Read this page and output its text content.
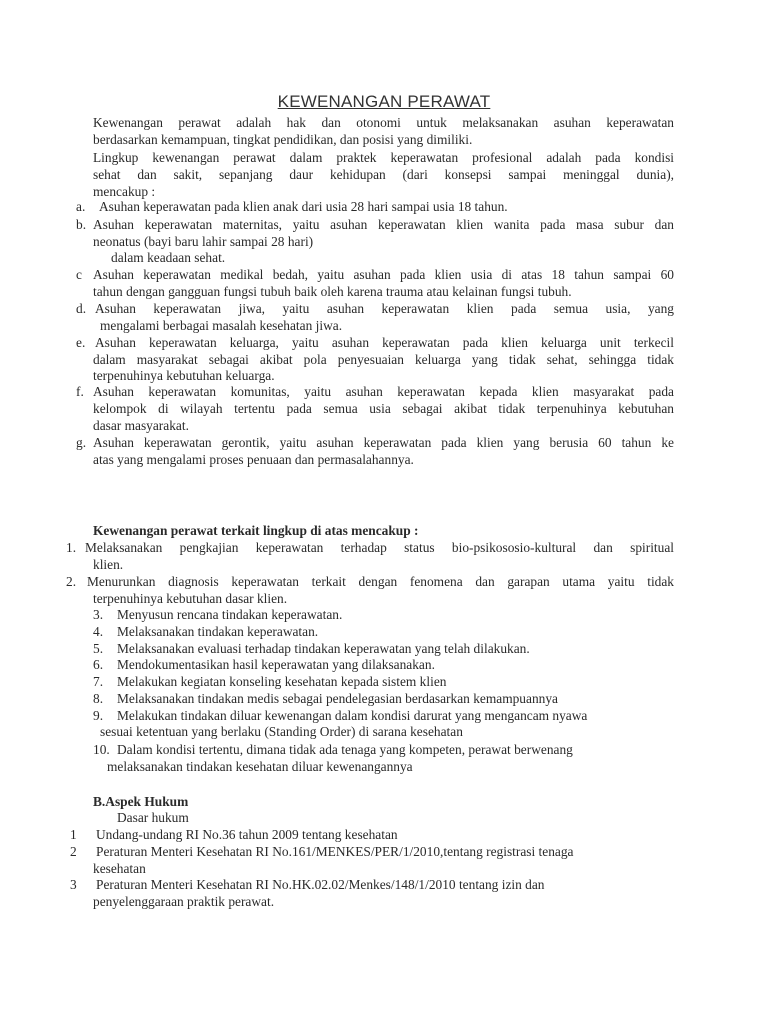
KEWENANGAN PERAWAT
Kewenangan perawat adalah hak dan otonomi untuk melaksanakan asuhan keperawatan
berdasarkan kemampuan, tingkat pendidikan, dan posisi yang dimiliki.
Lingkup kewenangan perawat dalam praktek keperawatan profesional adalah pada kondisi
sehat dan sakit, sepanjang daur kehidupan (dari konsepsi sampai meninggal dunia),
mencakup :
a. Asuhan keperawatan pada klien anak dari usia 28 hari sampai usia 18 tahun.
b. Asuhan keperawatan maternitas, yaitu asuhan keperawatan klien wanita pada masa subur dan
neonatus (bayi baru lahir sampai 28 hari)
dalam keadaan sehat.
c Asuhan keperawatan medikal bedah, yaitu asuhan pada klien usia di atas 18 tahun sampai 60
tahun dengan gangguan fungsi tubuh baik oleh karena trauma atau kelainan fungsi tubuh.
d. Asuhan keperawatan jiwa, yaitu asuhan keperawatan klien pada semua usia, yang
mengalami berbagai masalah kesehatan jiwa.
e. Asuhan keperawatan keluarga, yaitu asuhan keperawatan pada klien keluarga unit terkecil
dalam masyarakat sebagai akibat pola penyesuaian keluarga yang tidak sehat, sehingga tidak
terpenuhinya kebutuhan keluarga.
f. Asuhan keperawatan komunitas, yaitu asuhan keperawatan kepada klien masyarakat pada
kelompok di wilayah tertentu pada semua usia sebagai akibat tidak terpenuhinya kebutuhan
dasar masyarakat.
g. Asuhan keperawatan gerontik, yaitu asuhan keperawatan pada klien yang berusia 60 tahun ke
atas yang mengalami proses penuaan dan permasalahannya.
Kewenangan perawat terkait lingkup di atas mencakup :
1. Melaksanakan pengkajian keperawatan terhadap status bio-psikososio-kultural dan spiritual
klien.
2. Menurunkan diagnosis keperawatan terkait dengan fenomena dan garapan utama yaitu tidak
terpenuhinya kebutuhan dasar klien.
3. Menyusun rencana tindakan keperawatan.
4. Melaksanakan tindakan keperawatan.
5. Melaksanakan evaluasi terhadap tindakan keperawatan yang telah dilakukan.
6. Mendokumentasikan hasil keperawatan yang dilaksanakan.
7. Melakukan kegiatan konseling kesehatan kepada sistem klien
8. Melaksanakan tindakan medis sebagai pendelegasian berdasarkan kemampuannya
9. Melakukan tindakan diluar kewenangan dalam kondisi darurat yang mengancam nyawa
sesuai ketentuan yang berlaku (Standing Order) di sarana kesehatan
10. Dalam kondisi tertentu, dimana tidak ada tenaga yang kompeten, perawat berwenang
melaksanakan tindakan kesehatan diluar kewenangannya
B.Aspek Hukum
Dasar hukum
1 Undang-undang RI No.36 tahun 2009 tentang kesehatan
2 Peraturan Menteri Kesehatan RI No.161/MENKES/PER/1/2010,tentang registrasi tenaga
kesehatan
3 Peraturan Menteri Kesehatan RI No.HK.02.02/Menkes/148/1/2010 tentang izin dan
penyelenggaraan praktik perawat.
